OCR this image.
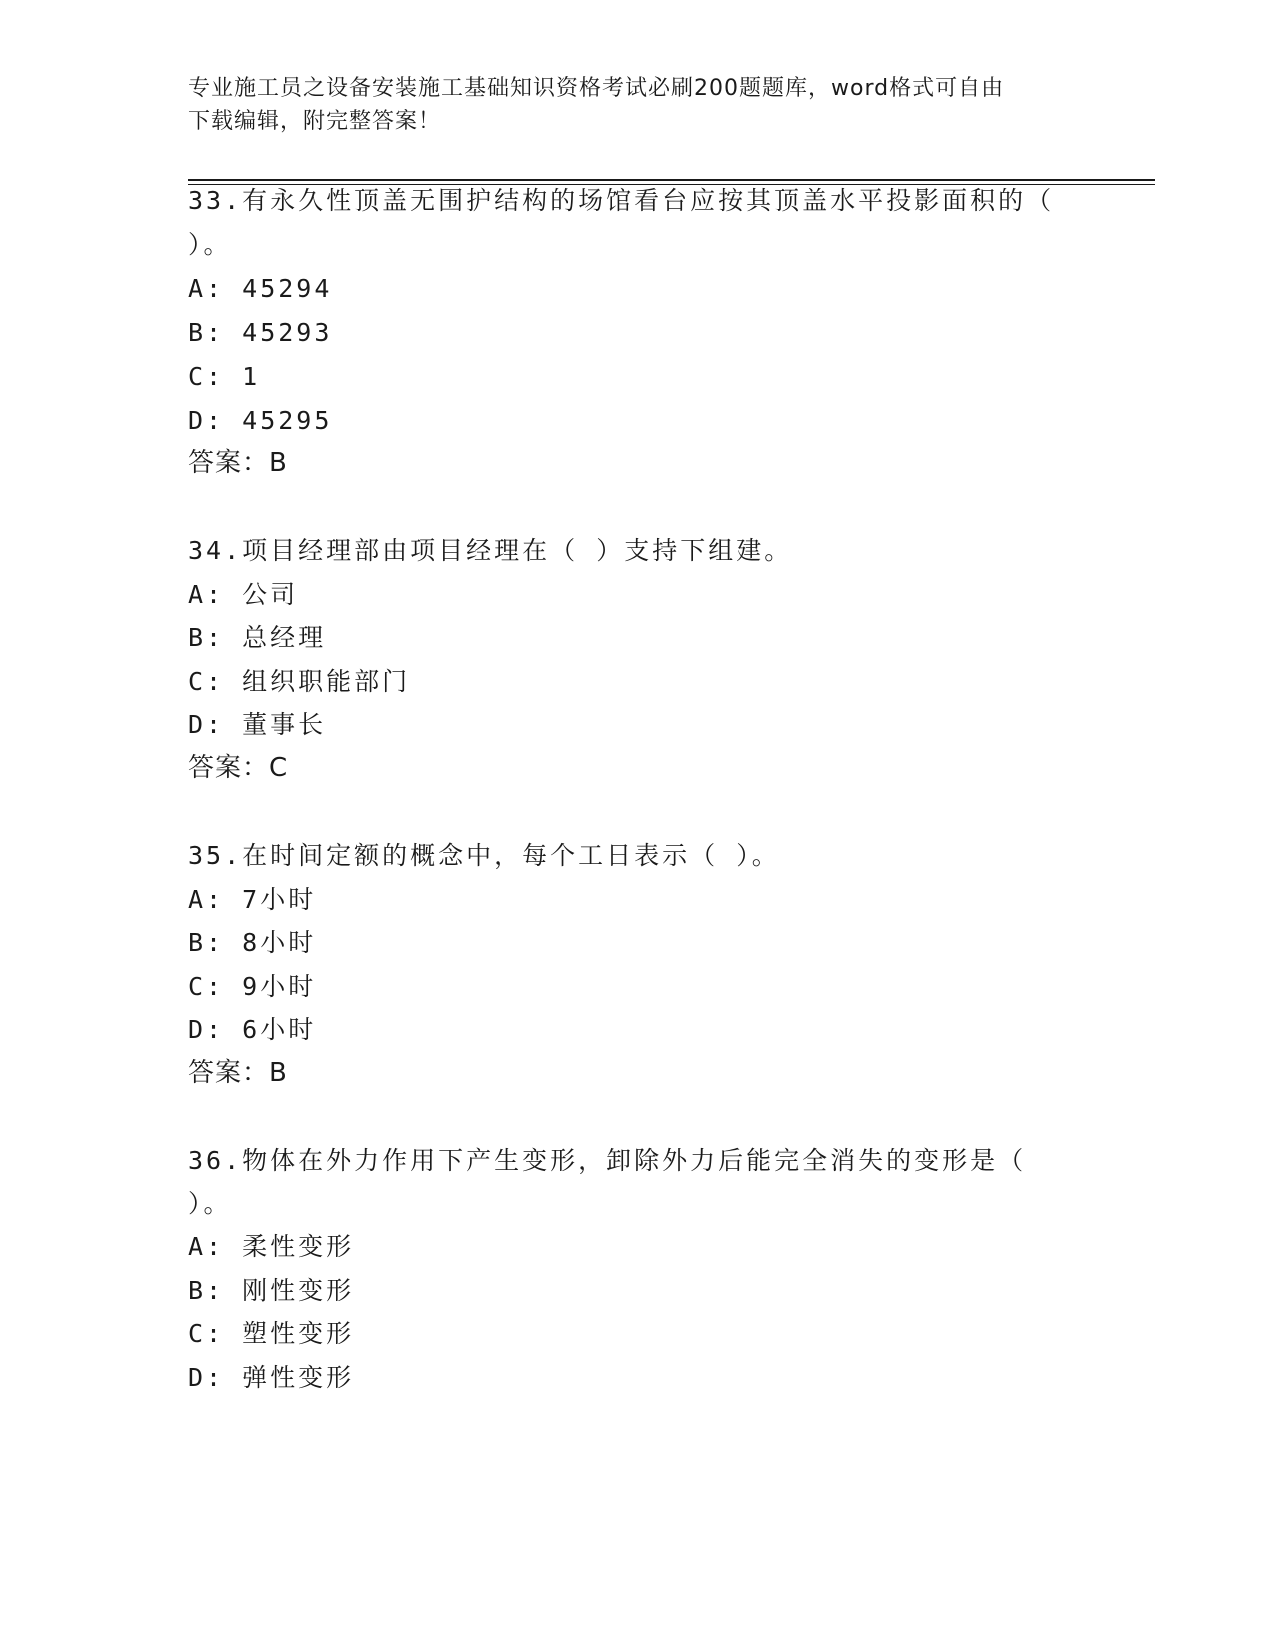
专业施工员之设备安装施工基础知识资格考试必刷200题题库，word格式可自由
下载编辑，附完整答案！
33.有永久性顶盖无围护结构的场馆看台应按其顶盖水平投影面积的（
）。
A: 45294
B: 45293
C: 1
D: 45295
答案：B
34.项目经理部由项目经理在（ ）支持下组建。
A: 公司
B: 总经理
C: 组织职能部门
D: 董事长
答案：C
35.在时间定额的概念中，每个工日表示（ ）。
A: 7小时
B: 8小时
C: 9小时
D: 6小时
答案：B
36.物体在外力作用下产生变形，卸除外力后能完全消失的变形是（
）。
A: 柔性变形
B: 刚性变形
C: 塑性变形
D: 弹性变形
